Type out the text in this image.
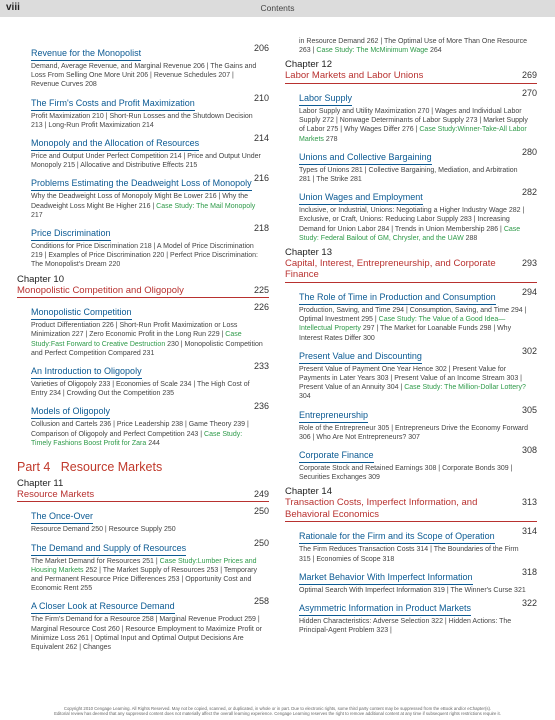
viii	Contents
Revenue for the Monopolist	206
Demand, Average Revenue, and Marginal Revenue 206 | The Gains and Loss From Selling One More Unit 206 | Revenue Schedules 207 | Revenue Curves 208
The Firm's Costs and Profit Maximization	210
Profit Maximization 210 | Short-Run Losses and the Shutdown Decision 213 | Long-Run Profit Maximization 214
Monopoly and the Allocation of Resources	214
Price and Output Under Perfect Competition 214 | Price and Output Under Monopoly 215 | Allocative and Distributive Effects 215
Problems Estimating the Deadweight Loss of Monopoly 216
Why the Deadweight Loss of Monopoly Might Be Lower 216 | Why the Deadweight Loss Might Be Higher 216 | Case Study: The Mail Monopoly 217
Price Discrimination	218
Conditions for Price Discrimination 218 | A Model of Price Discrimination 219 | Examples of Price Discrimination 220 | Perfect Price Discrimination: The Monopolist's Dream 220
Chapter 10
Monopolistic Competition and Oligopoly	225
Monopolistic Competition	226
Product Differentiation 226 | Short-Run Profit Maximization or Loss Minimization 227 | Zero Economic Profit in the Long Run 229 | Case Study:Fast Forward to Creative Destruction 230 | Monopolistic Competition and Perfect Competition Compared 231
An Introduction to Oligopoly	233
Varieties of Oligopoly 233 | Economies of Scale 234 | The High Cost of Entry 234 | Crowding Out the Competition 235
Models of Oligopoly	236
Collusion and Cartels 236 | Price Leadership 238 | Game Theory 239 | Comparison of Oligopoly and Perfect Competition 243 | Case Study: Timely Fashions Boost Profit for Zara 244
Part 4 Resource Markets
Chapter 11
Resource Markets	249
The Once-Over	250
Resource Demand 250 | Resource Supply 250
The Demand and Supply of Resources	250
The Market Demand for Resources 251 | Case Study:Lumber Prices and Housing Markets 252 | The Market Supply of Resources 253 | Temporary and Permanent Resource Price Differences 253 | Opportunity Cost and Economic Rent 255
A Closer Look at Resource Demand	258
The Firm's Demand for a Resource 258 | Marginal Revenue Product 259 | Marginal Resource Cost 260 | Resource Employment to Maximize Profit or Minimize Loss 261 | Optimal Input and Optimal Output Decisions Are Equivalent 262 | Changes
in Resource Demand 262 | The Optimal Use of More Than One Resource 263 | Case Study: The McMinimum Wage 264
Chapter 12
Labor Markets and Labor Unions	269
Labor Supply	270
Labor Supply and Utility Maximization 270 | Wages and Individual Labor Supply 272 | Nonwage Determinants of Labor Supply 273 | Market Supply of Labor 275 | Why Wages Differ 276 | Case Study:Winner-Take-All Labor Markets 278
Unions and Collective Bargaining	280
Types of Unions 281 | Collective Bargaining, Mediation, and Arbitration 281 | The Strike 281
Union Wages and Employment	282
Inclusive, or Industrial, Unions: Negotiating a Higher Industry Wage 282 | Exclusive, or Craft, Unions: Reducing Labor Supply 283 | Increasing Demand for Union Labor 284 | Trends in Union Membership 286 | Case Study: Federal Bailout of GM, Chrysler, and the UAW 288
Chapter 13
Capital, Interest, Entrepreneurship, and Corporate Finance
293
The Role of Time in Production and Consumption	294
Production, Saving, and Time 294 | Consumption, Saving, and Time 294 | Optimal Investment 295 | Case Study: The Value of a Good Idea—Intellectual Property 297 | The Market for Loanable Funds 298 | Why Interest Rates Differ 300
Present Value and Discounting	302
Present Value of Payment One Year Hence 302 | Present Value for Payments in Later Years 303 | Present Value of an Income Stream 303 | Present Value of an Annuity 304 | Case Study: The Million-Dollar Lottery? 304
Entrepreneurship	305
Role of the Entrepreneur 305 | Entrepreneurs Drive the Economy Forward 306 | Who Are Not Entrepreneurs? 307
Corporate Finance	308
Corporate Stock and Retained Earnings 308 | Corporate Bonds 309 | Securities Exchanges 309
Chapter 14
Transaction Costs, Imperfect Information, and Behavioral Economics
313
Rationale for the Firm and its Scope of Operation	314
The Firm Reduces Transaction Costs 314 | The Boundaries of the Firm 315 | Economies of Scope 318
Market Behavior With Imperfect Information	318
Optimal Search With Imperfect Information 319 | The Winner's Curse 321
Asymmetric Information in Product Markets	322
Hidden Characteristics: Adverse Selection 322 | Hidden Actions: The Principal-Agent Problem 323 |
Copyright 2010 Cengage Learning. All Rights Reserved. May not be copied, scanned, or duplicated, in whole or in part. Due to electronic rights, some third party content may be suppressed from the eBook and/or eChapter(s).
Editorial review has deemed that any suppressed content does not materially affect the overall learning experience. Cengage Learning reserves the right to remove additional content at any time if subsequent rights restrictions require it.
